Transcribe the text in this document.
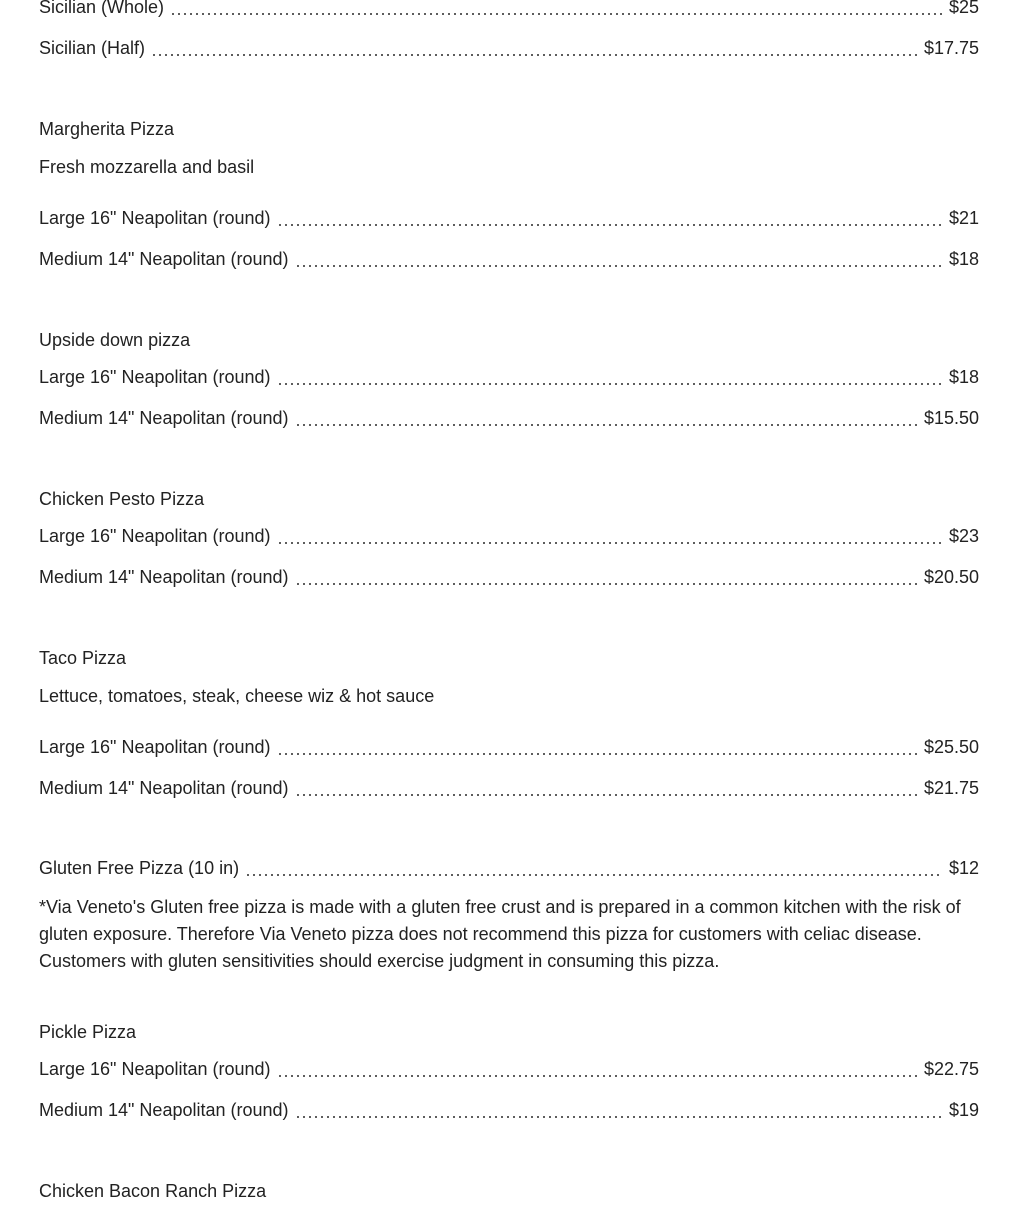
Sicilian (Whole)	$25
Sicilian (Half)	$17.75
Margherita Pizza
Fresh mozzarella and basil
Large 16" Neapolitan (round)	$21
Medium 14" Neapolitan (round)	$18
Upside down pizza
Large 16" Neapolitan (round)	$18
Medium 14" Neapolitan (round)	$15.50
Chicken Pesto Pizza
Large 16" Neapolitan (round)	$23
Medium 14" Neapolitan (round)	$20.50
Taco Pizza
Lettuce, tomatoes, steak, cheese wiz & hot sauce
Large 16" Neapolitan (round)	$25.50
Medium 14" Neapolitan (round)	$21.75
Gluten Free Pizza (10 in)	$12
*Via Veneto's Gluten free pizza is made with a gluten free crust and is prepared in a common kitchen with the risk of gluten exposure. Therefore Via Veneto pizza does not recommend this pizza for customers with celiac disease. Customers with gluten sensitivities should exercise judgment in consuming this pizza.
Pickle Pizza
Large 16" Neapolitan (round)	$22.75
Medium 14" Neapolitan (round)	$19
Chicken Bacon Ranch Pizza
